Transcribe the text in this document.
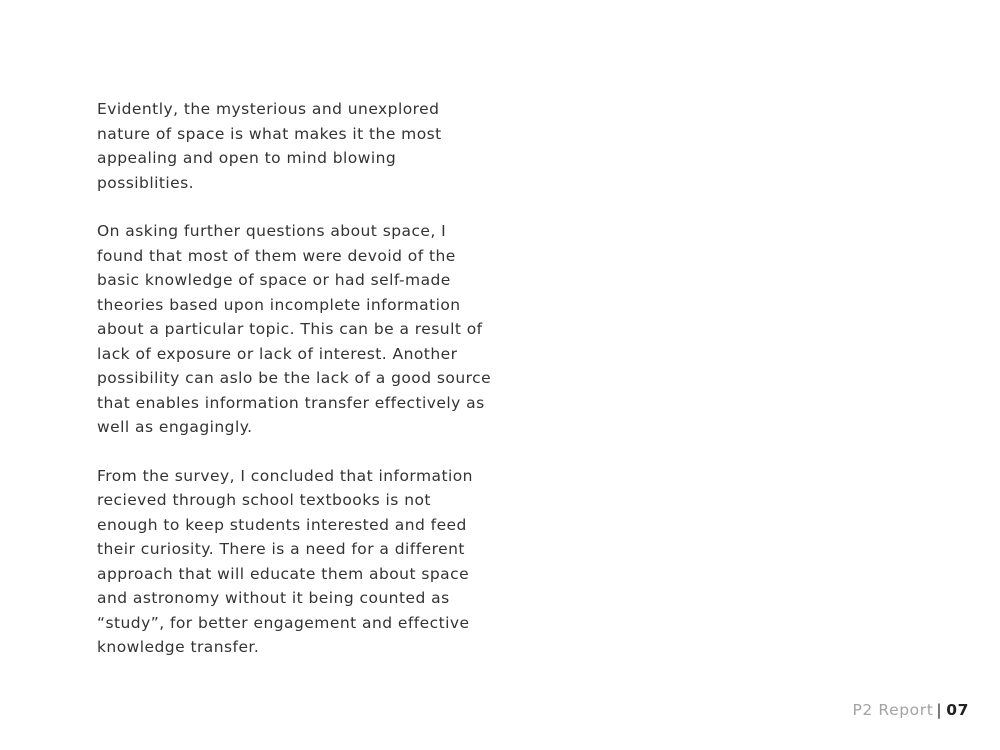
Evidently, the mysterious and unexplored nature of space is what makes it the most appealing and open to mind blowing possiblities.

On asking further questions about space, I found that most of them were devoid of the basic knowledge of space or had self-made theories based upon incomplete information about a particular topic. This can be a result of lack of exposure or lack of interest. Another possibility can aslo be the lack of a good source that enables information transfer effectively as well as engagingly.

From the survey, I concluded that information recieved through school textbooks is not enough to keep students interested and feed their curiosity. There is a need for a different approach that will educate them about space and astronomy without it being counted as “study”, for better engagement and effective knowledge transfer.

P2 Report | 07
